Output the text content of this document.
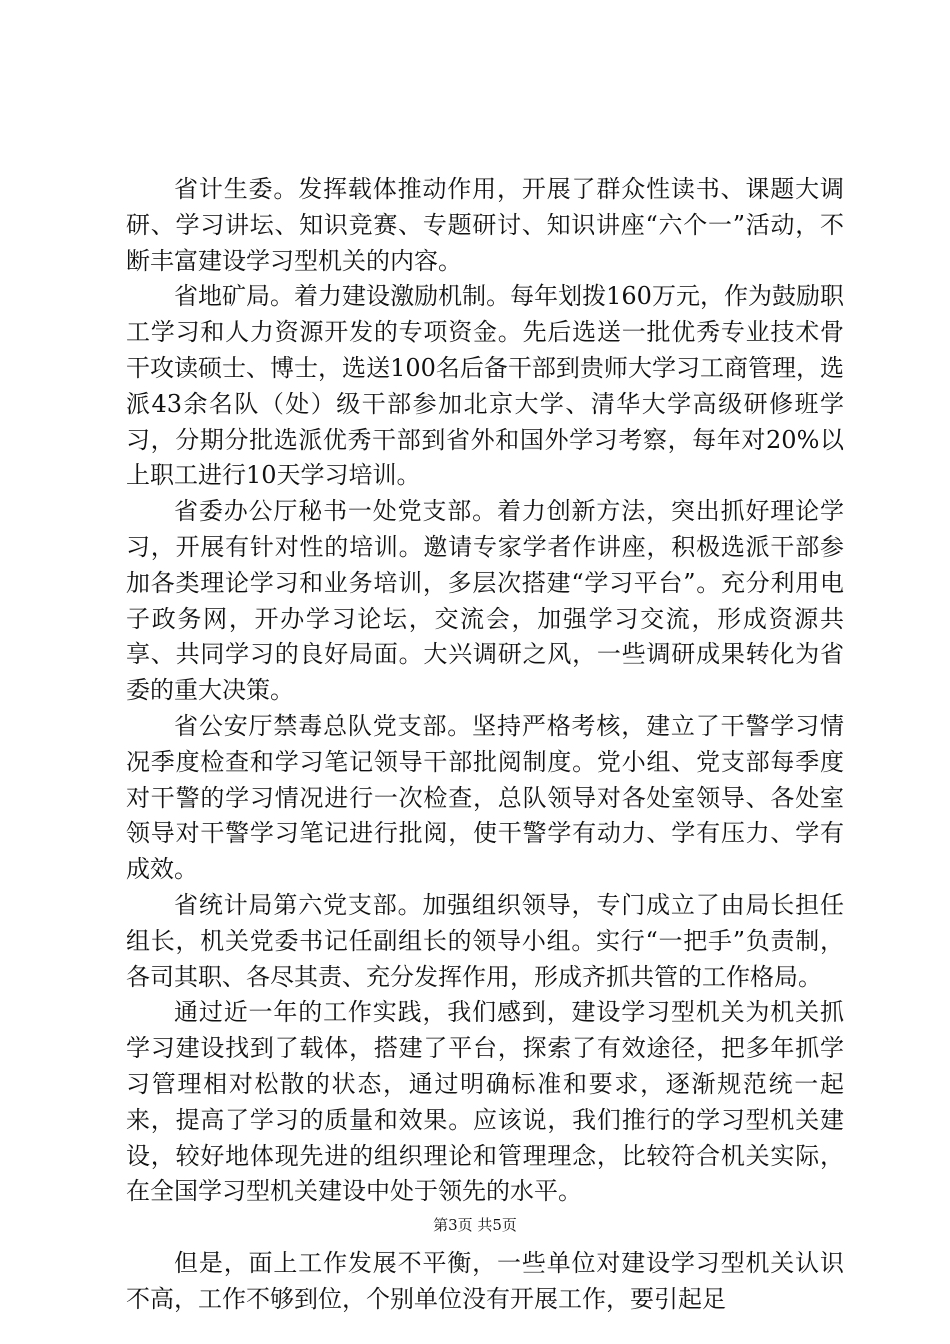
省计生委。发挥载体推动作用，开展了群众性读书、课题大调研、学习讲坛、知识竞赛、专题研讨、知识讲座“六个一”活动，不断丰富建设学习型机关的内容。

省地矿局。着力建设激励机制。每年划拨160万元，作为鼓励职工学习和人力资源开发的专项资金。先后选送一批优秀专业技术骨干攻读硕士、博士，选送100名后备干部到贵师大学习工商管理，选派43余名队（处）级干部参加北京大学、清华大学高级研修班学习，分期分批选派优秀干部到省外和国外学习考察，每年对20%以上职工进行10天学习培训。

省委办公厅秘书一处党支部。着力创新方法，突出抓好理论学习，开展有针对性的培训。邀请专家学者作讲座，积极选派干部参加各类理论学习和业务培训，多层次搭建“学习平台”。充分利用电子政务网，开办学习论坛，交流会，加强学习交流，形成资源共享、共同学习的良好局面。大兴调研之风，一些调研成果转化为省委的重大决策。

省公安厅禁毒总队党支部。坚持严格考核，建立了干警学习情况季度检查和学习笔记领导干部批阅制度。党小组、党支部每季度对干警的学习情况进行一次检查，总队领导对各处室领导、各处室领导对干警学习笔记进行批阅，使干警学有动力、学有压力、学有成效。

省统计局第六党支部。加强组织领导，专门成立了由局长担任组长，机关党委书记任副组长的领导小组。实行“一把手”负责制，各司其职、各尽其责、充分发挥作用，形成齐抓共管的工作格局。

通过近一年的工作实践，我们感到，建设学习型机关为机关抓学习建设找到了载体，搭建了平台，探索了有效途径，把多年抓学习管理相对松散的状态，通过明确标准和要求，逐渐规范统一起来，提高了学习的质量和效果。应该说，我们推行的学习型机关建设，较好地体现先进的组织理论和管理理念，比较符合机关实际，在全国学习型机关建设中处于领先的水平。

但是，面上工作发展不平衡，一些单位对建设学习型机关认识不高，工作不够到位，个别单位没有开展工作，要引起足

第3页 共5页
